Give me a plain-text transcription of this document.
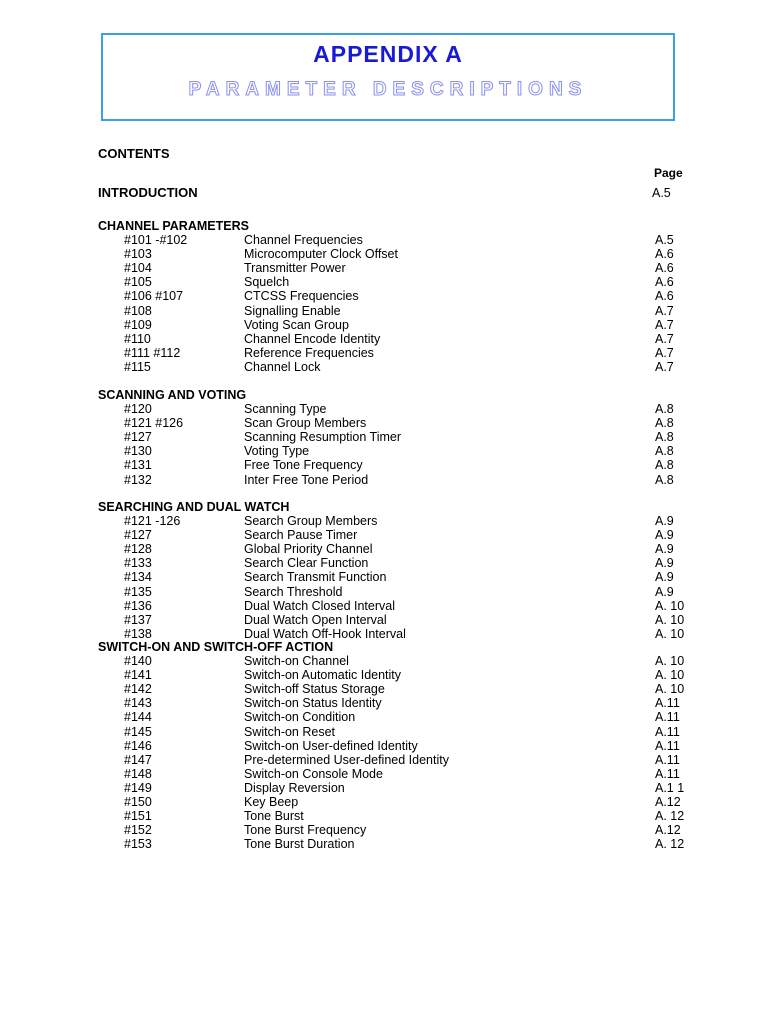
APPENDIX A
PARAMETER DESCRIPTIONS
CONTENTS
Page
INTRODUCTION	A.5
CHANNEL PARAMETERS
#101 -#102	Channel Frequencies	A.5
#103	Microcomputer Clock Offset	A.6
#104	Transmitter Power	A.6
#105	Squelch	A.6
#106 #107	CTCSS Frequencies	A.6
#108	Signalling Enable	A.7
#109	Voting Scan Group	A.7
#110	Channel Encode Identity	A.7
#111 #112	Reference Frequencies	A.7
#115	Channel Lock	A.7
SCANNING AND VOTING
#120	Scanning Type	A.8
#121 #126	Scan Group Members	A.8
#127	Scanning Resumption Timer	A.8
#130	Voting Type	A.8
#131	Free Tone Frequency	A.8
#132	Inter Free Tone Period	A.8
SEARCHING AND DUAL WATCH
#121 -126	Search Group Members	A.9
#127	Search Pause Timer	A.9
#128	Global Priority Channel	A.9
#133	Search Clear Function	A.9
#134	Search Transmit Function	A.9
#135	Search Threshold	A.9
#136	Dual Watch Closed Interval	A. 10
#137	Dual Watch Open Interval	A. 10
#138	Dual Watch Off-Hook Interval	A. 10
SWITCH-ON AND SWITCH-OFF ACTION
#140	Switch-on Channel	A. 10
#141	Switch-on Automatic Identity	A. 10
#142	Switch-off Status Storage	A. 10
#143	Switch-on Status Identity	A.11
#144	Switch-on Condition	A.11
#145	Switch-on Reset	A.11
#146	Switch-on User-defined Identity	A.11
#147	Pre-determined User-defined Identity	A.11
#148	Switch-on Console Mode	A.11
#149	Display Reversion	A.1 1
#150	Key Beep	A.12
#151	Tone Burst	A. 12
#152	Tone Burst Frequency	A.12
#153	Tone Burst Duration	A. 12
